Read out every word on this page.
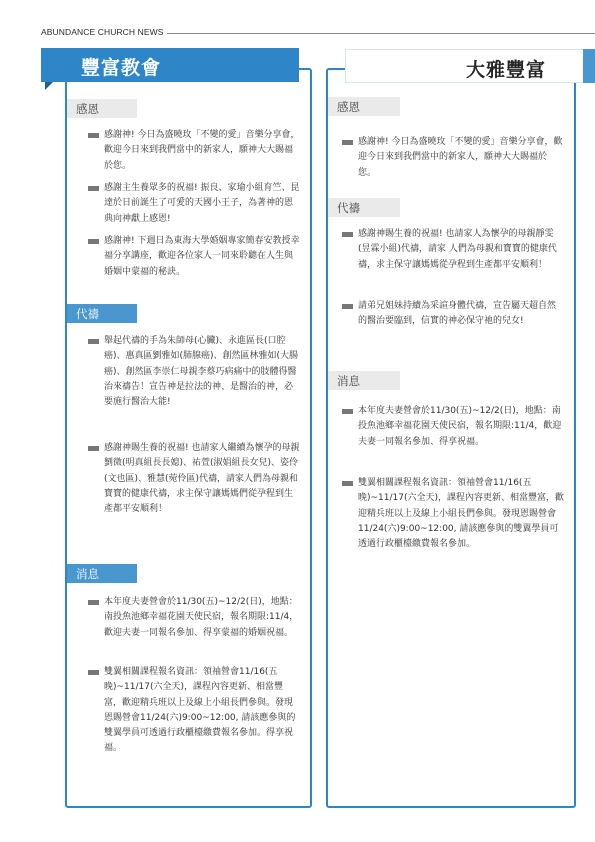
ABUNDANCE CHURCH NEWS
豐富教會	大雅豐富
感恩
感謝神! 今日為盛曉玫「不變的愛」音樂分享會，歡迎今日來到我們當中的新家人，願神大大賜福於您。
感謝主生養眾多的祝福! 振良、家瑜小組育竺、昆達於日前誕生了可愛的天國小王子，為著神的恩典向神獻上感恩!
感謝神! 下週日為東海大學婚姻專家簡春安教授幸福分享講座，歡迎各位家人一同來聆聽在人生與婚姻中蒙福的秘訣。
代禱
舉起代禱的手為朱師母(心臟)、永進區長(口腔癌)、惠真區劉雅如(肺腺癌)、創然區林雅如(大腸癌)、創然區李崇仁母親李蔡巧病痛中的肢體得醫治來禱告！宣告神是拉法的神、是醫治的神，必要施行醫治大能!
感謝神賜生養的祝福! 也請家人繼續為懷孕的母親劉微(明真組長長媳)、祐萱(淑娟組長女兒)、姿伶(文也區)、雅慧(菀伶區)代禱，請家人們為母親和寶寶的健康代禱，求主保守讓媽媽們從孕程到生產都平安順利！
消息
本年度夫妻營會於11/30(五)~12/2(日)，地點：南投魚池鄉幸福花園天使民宿，報名期限:11/4，歡迎夫妻一同報名參加、得享蒙福的婚姻祝福。
雙翼相關課程報名資訊：領袖營會11/16(五晚)~11/17(六全天)，課程內容更新、相當豐富，歡迎精兵班以上及線上小組長們參與。發現恩賜營會11/24(六)9:00~12:00, 請該應參與的雙翼學員可透過行政櫃檯繳費報名參加。得享祝福。
感恩
感謝神! 今日為盛曉玫「不變的愛」音樂分享會，歡迎今日來到我們當中的新家人，願神大大賜福於您。
代禱
感謝神賜生養的祝福! 也請家人為懷孕的母親靜雯(昱霖小組)代禱，請家 人們為母親和寶寶的健康代禱，求主保守讓媽媽從孕程到生產都平安順利！
請弟兄姐妹持續為采諠身體代禱，宣告屬天超自然的醫治要臨到，信實的神必保守祂的兒女!
消息
本年度夫妻營會於11/30(五)~12/2(日)，地點：南投魚池鄉幸福花園天使民宿，報名期限:11/4，歡迎夫妻一同報名參加、得享祝福。
雙翼相關課程報名資訊：領袖營會11/16(五晚)~11/17(六全天)，課程內容更新、相當豐富，歡迎精兵班以上及線上小組長們參與。發現恩賜營會11/24(六)9:00~12:00, 請該應參與的雙翼學員可透過行政櫃檯繳費報名參加。
